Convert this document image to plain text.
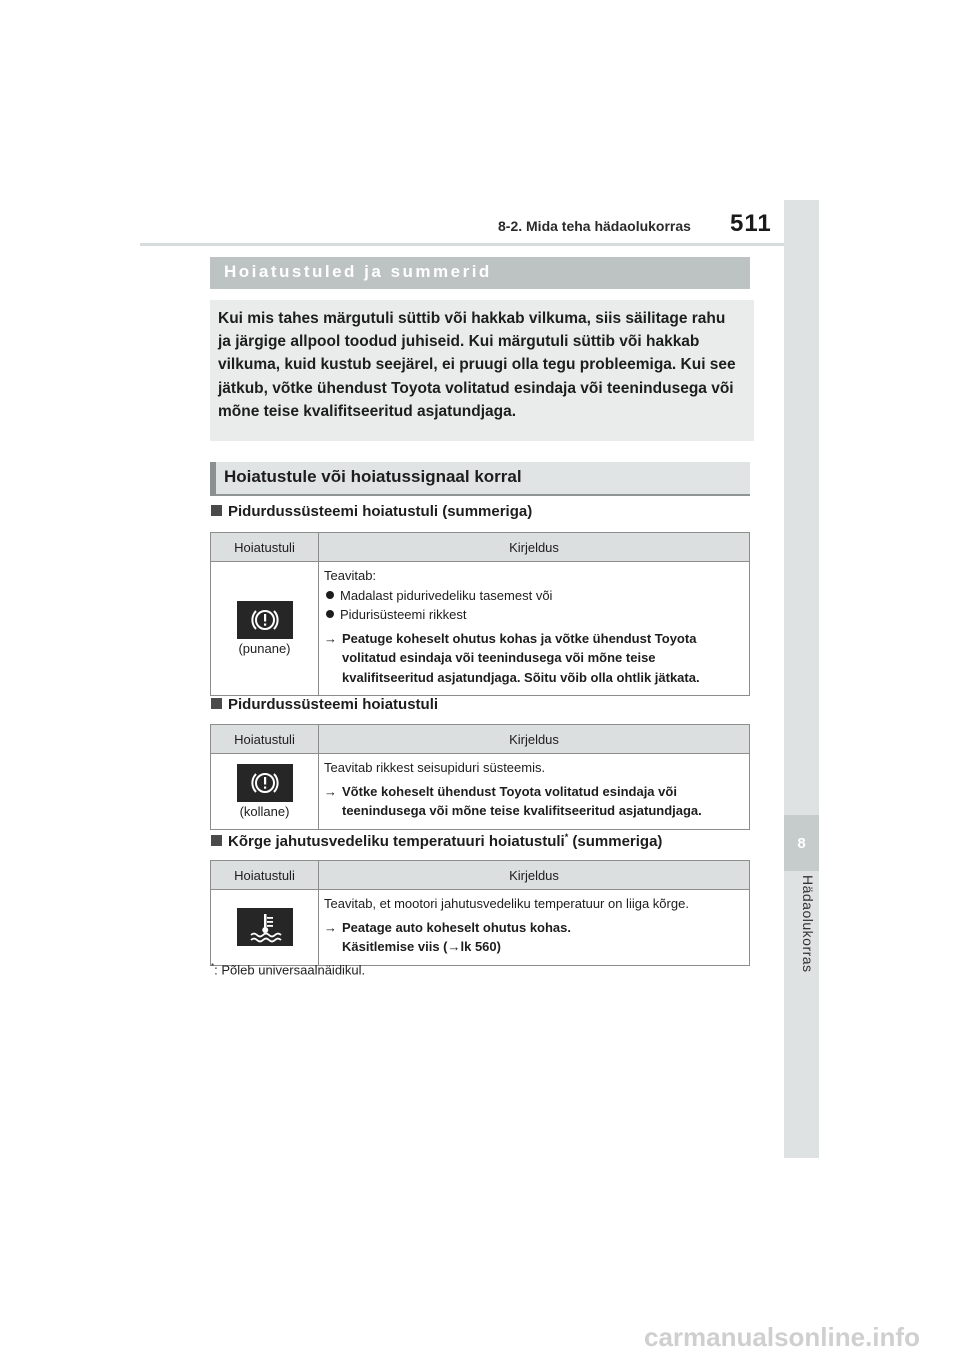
8-2. Mida teha hädaolukorras 511
8
Hädaolukorras
Hoiatustuled ja summerid

Kui mis tahes märgutuli süttib või hakkab vilkuma, siis säilitage rahu ja järgige allpool toodud juhiseid. Kui märgutuli süttib või hakkab vilkuma, kuid kustub seejärel, ei pruugi olla tegu probleemiga. Kui see jätkub, võtke ühendust Toyota volitatud esindaja või teenindusega või mõne teise kvalifitseeritud asjatundjaga.

Hoiatustule või hoiatussignaal korral
Pidurdussüsteemi hoiatustuli (summeriga)
Hoiatustuli	Kirjeldus

(punane)	Teavitab:
Madalast pidurivedeliku tasemest või
Pidurisüsteemi rikkest
→ Peatuge koheselt ohutus kohas ja võtke ühendust Toyota volitatud esindaja või teenindusega või mõne teise kvalifitseeritud asjatundjaga. Sõitu võib olla ohtlik jätkata.
Pidurdussüsteemi hoiatustuli
Hoiatustuli	Kirjeldus

(kollane)	Teavitab rikkest seisupiduri süsteemis.
→ Võtke koheselt ühendust Toyota volitatud esindaja või teenindusega või mõne teise kvalifitseeritud asjatundjaga.
Kõrge jahutusvedeliku temperatuuri hoiatustuli* (summeriga)
Hoiatustuli	Kirjeldus

Teavitab, et mootori jahutusvedeliku temperatuur on liiga kõrge.
→ Peatage auto koheselt ohutus kohas.
Käsitlemise viis (→lk 560)
*: Põleb universaalnäidikul.
carmanualsonline.info
